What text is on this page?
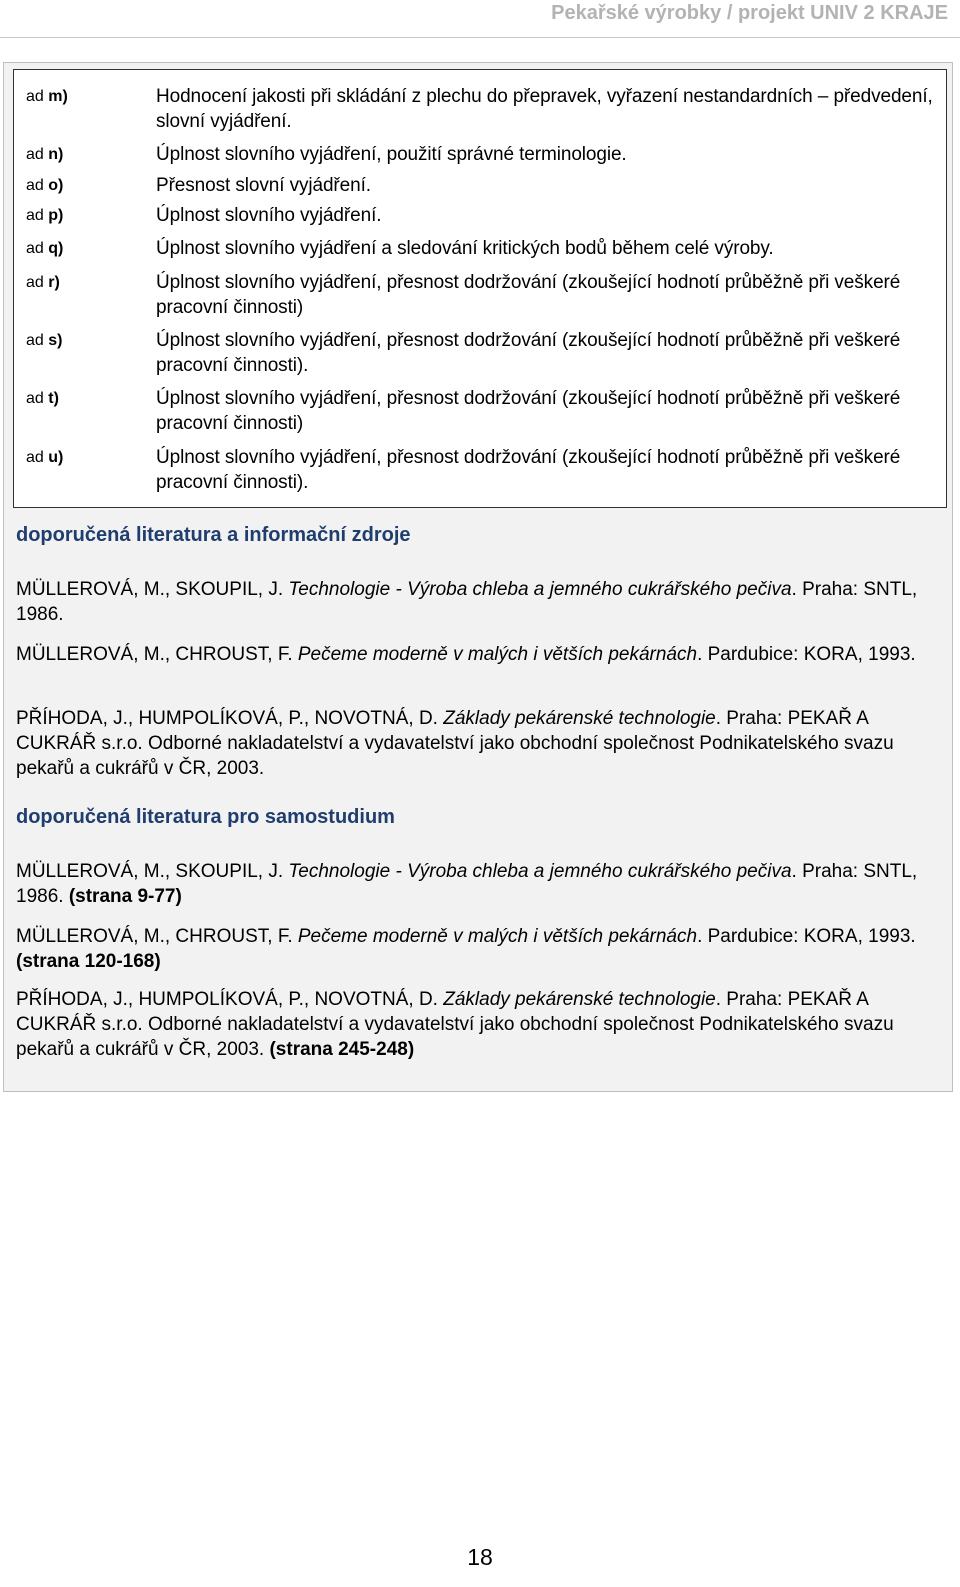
Pekařské výrobky / projekt UNIV 2 KRAJE
ad m)	Hodnocení jakosti při skládání z plechu do přepravek, vyřazení nestandardních – předvedení, slovní vyjádření.
ad n)	Úplnost slovního vyjádření, použití správné terminologie.
ad o)	Přesnost slovní vyjádření.
ad p)	Úplnost slovního vyjádření.
ad q)	Úplnost slovního vyjádření a sledování kritických bodů během celé výroby.
ad r)	Úplnost slovního vyjádření, přesnost dodržování (zkoušející hodnotí průběžně při veškeré pracovní činnosti)
ad s)	Úplnost slovního vyjádření, přesnost dodržování (zkoušející hodnotí průběžně při veškeré pracovní činnosti).
ad t)	Úplnost slovního vyjádření, přesnost dodržování (zkoušející hodnotí průběžně při veškeré pracovní činnosti)
ad u)	Úplnost slovního vyjádření, přesnost dodržování (zkoušející hodnotí průběžně při veškeré pracovní činnosti).
doporučená literatura a informační zdroje
MÜLLEROVÁ, M., SKOUPIL, J. Technologie - Výroba chleba a jemného cukrářského pečiva. Praha: SNTL, 1986.
MÜLLEROVÁ, M., CHROUST, F. Pečeme moderně v malých i větších pekárnách. Pardubice: KORA, 1993.
PŘÍHODA, J., HUMPOLÍKOVÁ, P., NOVOTNÁ, D. Základy pekárenské technologie. Praha: PEKAŘ A CUKRÁŘ s.r.o. Odborné nakladatelství a vydavatelství jako obchodní společnost Podnikatelského svazu pekařů a cukrářů v ČR, 2003.
doporučená literatura pro samostudium
MÜLLEROVÁ, M., SKOUPIL, J. Technologie - Výroba chleba a jemného cukrářského pečiva. Praha: SNTL, 1986. (strana 9-77)
MÜLLEROVÁ, M., CHROUST, F. Pečeme moderně v malých i větších pekárnách. Pardubice: KORA, 1993. (strana 120-168)
PŘÍHODA, J., HUMPOLÍKOVÁ, P., NOVOTNÁ, D. Základy pekárenské technologie. Praha: PEKAŘ A CUKRÁŘ s.r.o. Odborné nakladatelství a vydavatelství jako obchodní společnost Podnikatelského svazu pekařů a cukrářů v ČR, 2003. (strana 245-248)
18
